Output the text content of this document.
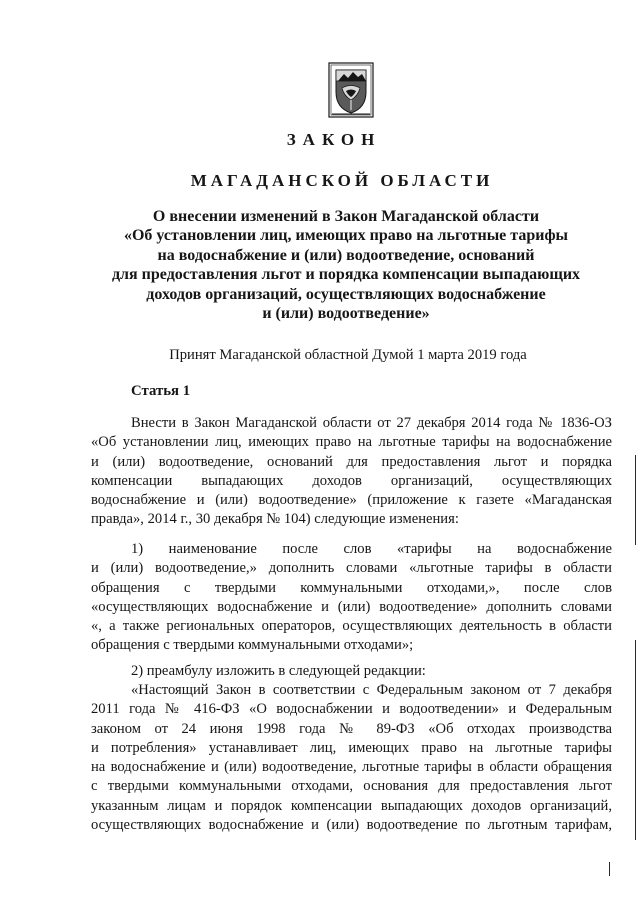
ЗАКОН
МАГАДАНСКОЙ ОБЛАСТИ
О внесении изменений в Закон Магаданской области
«Об установлении лиц, имеющих право на льготные тарифы
на водоснабжение и (или) водоотведение, оснований
для предоставления льгот и порядка компенсации выпадающих
доходов организаций, осуществляющих водоснабжение
и (или) водоотведение»
Принят Магаданской областной Думой 1 марта 2019 года
Статья 1
Внести в Закон Магаданской области от 27 декабря 2014 года № 1836-ОЗ
«Об установлении лиц, имеющих право на льготные тарифы на водоснабжение
и (или) водоотведение, оснований для предоставления льгот и порядка
компенсации выпадающих доходов организаций, осуществляющих
водоснабжение и (или) водоотведение» (приложение к газете «Магаданская
правда», 2014 г., 30 декабря № 104) следующие изменения:
1) наименование после слов «тарифы на водоснабжение
и (или) водоотведение,» дополнить словами «льготные тарифы в области
обращения с твердыми коммунальными отходами,», после слов
«осуществляющих водоснабжение и (или) водоотведение» дополнить словами
«, а также региональных операторов, осуществляющих деятельность в области
обращения с твердыми коммунальными отходами»;
2) преамбулу изложить в следующей редакции:
«Настоящий Закон в соответствии с Федеральным законом от 7 декабря
2011 года № 416-ФЗ «О водоснабжении и водоотведении» и Федеральным
законом от 24 июня 1998 года № 89-ФЗ «Об отходах производства
и потребления» устанавливает лиц, имеющих право на льготные тарифы
на водоснабжение и (или) водоотведение, льготные тарифы в области обращения
с твердыми коммунальными отходами, основания для предоставления льгот
указанным лицам и порядок компенсации выпадающих доходов организаций,
осуществляющих водоснабжение и (или) водоотведение по льготным тарифам,
